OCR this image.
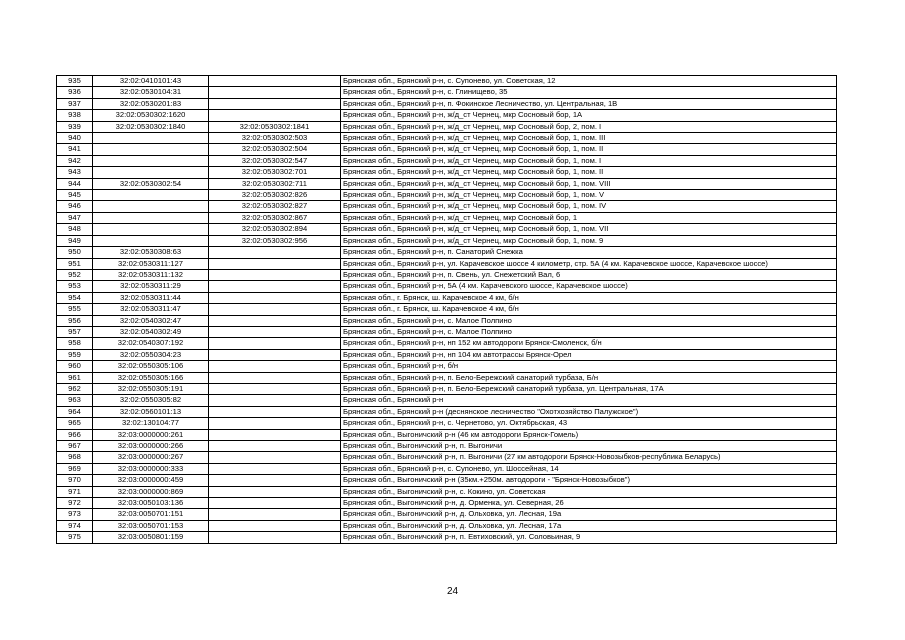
935	32:02:0410101:43		Брянская обл., Брянский р-н, с. Супонево, ул. Советская, 12
936	32:02:0530104:31		Брянская обл., Брянский р-н, с. Глинищево, 35
937	32:02:0530201:83		Брянская обл., Брянский р-н, п. Фокинское Лесничество, ул. Центральная, 1В
938	32:02:0530302:1620		Брянская обл., Брянский р-н, ж/д_ст Чернец, мкр Сосновый бор, 1А
939	32:02:0530302:1840	32:02:0530302:1841	Брянская обл., Брянский р-н, ж/д_ст Чернец, мкр Сосновый бор, 2, пом. I
940		32:02:0530302:503	Брянская обл., Брянский р-н, ж/д_ст Чернец, мкр Сосновый бор, 1, пом. III
941		32:02:0530302:504	Брянская обл., Брянский р-н, ж/д_ст Чернец, мкр Сосновый бор, 1, пом. II
942		32:02:0530302:547	Брянская обл., Брянский р-н, ж/д_ст Чернец, мкр Сосновый бор, 1, пом. I
943		32:02:0530302:701	Брянская обл., Брянский р-н, ж/д_ст Чернец, мкр Сосновый бор, 1, пом. II
944	32:02:0530302:54	32:02:0530302:711	Брянская обл., Брянский р-н, ж/д_ст Чернец, мкр Сосновый бор, 1, пом. VIII
945		32:02:0530302:826	Брянская обл., Брянский р-н, ж/д_ст Чернец, мкр Сосновый бор, 1, пом. V
946		32:02:0530302:827	Брянская обл., Брянский р-н, ж/д_ст Чернец, мкр Сосновый бор, 1, пом. IV
947		32:02:0530302:867	Брянская обл., Брянский р-н, ж/д_ст Чернец, мкр Сосновый бор, 1
948		32:02:0530302:894	Брянская обл., Брянский р-н, ж/д_ст Чернец, мкр Сосновый бор, 1, пом. VII
949		32:02:0530302:956	Брянская обл., Брянский р-н, ж/д_ст Чернец, мкр Сосновый бор, 1, пом. 9
950	32:02:0530308:63		Брянская обл., Брянский р-н, п. Санаторий Снежка
951	32:02:0530311:127		Брянская обл., Брянский р-н, ул. Карачевское шоссе 4 километр, стр. 5А (4 км. Карачевское шоссе, Карачевское шоссе)
952	32:02:0530311:132		Брянская обл., Брянский р-н, п. Свень, ул. Снежетский Вал, 6
953	32:02:0530311:29		Брянская обл., Брянский р-н, 5А (4 км. Карачевского шоссе, Карачевское шоссе)
954	32:02:0530311:44		Брянская обл., г. Брянск, ш. Карачевское 4 км, б/н
955	32:02:0530311:47		Брянская обл., г. Брянск, ш. Карачевское 4 км, б/н
956	32:02:0540302:47		Брянская обл., Брянский р-н, с. Малое Полпино
957	32:02:0540302:49		Брянская обл., Брянский р-н, с. Малое Полпино
958	32:02:0540307:192		Брянская обл., Брянский р-н, нп 152 км автодороги Брянск-Смоленск, б/н
959	32:02:0550304:23		Брянская обл., Брянский р-н, нп 104 км автотрассы Брянск-Орел
960	32:02:0550305:106		Брянская обл., Брянский р-н, б/н
961	32:02:0550305:166		Брянская обл., Брянский р-н, п. Бело-Бережский санаторий турбаза, Б/н
962	32:02:0550305:191		Брянская обл., Брянский р-н, п. Бело-Бережский санаторий турбаза, ул. Центральная, 17А
963	32:02:0550305:82		Брянская обл., Брянский р-н
964	32:02:0560101:13		Брянская обл., Брянский р-н (деснянское лесничество "Охотхозяйство Палужское")
965	32:02:130104:77		Брянская обл., Брянский р-н, с. Чернетово, ул. Октябрьская, 43
966	32:03:0000000:261		Брянская обл., Выгоничский р-н (46 км автодороги Брянск-Гомель)
967	32:03:0000000:266		Брянская обл., Выгоничский р-н, п. Выгоничи
968	32:03:0000000:267		Брянская обл., Выгоничский р-н, п. Выгоничи (27 км автодороги Брянск-Новозыбков-республика Беларусь)
969	32:03:0000000:333		Брянская обл., Брянский р-н, с. Супонево, ул. Шоссейная, 14
970	32:03:0000000:459		Брянская обл., Выгоничский р-н (35км.+250м. автодороги - "Брянск-Новозыбков")
971	32:03:0000000:869		Брянская обл., Выгоничский р-н, с. Кокино, ул. Советская
972	32:03:0050103:136		Брянская обл., Выгоничский р-н, д. Орменка, ул. Северная, 26
973	32:03:0050701:151		Брянская обл., Выгоничский р-н, д. Ольховка, ул. Лесная, 19а
974	32:03:0050701:153		Брянская обл., Выгоничский р-н, д. Ольховка, ул. Лесная, 17а
975	32:03:0050801:159		Брянская обл., Выгоничский р-н, п. Евтиховский, ул. Соловьиная, 9
24
